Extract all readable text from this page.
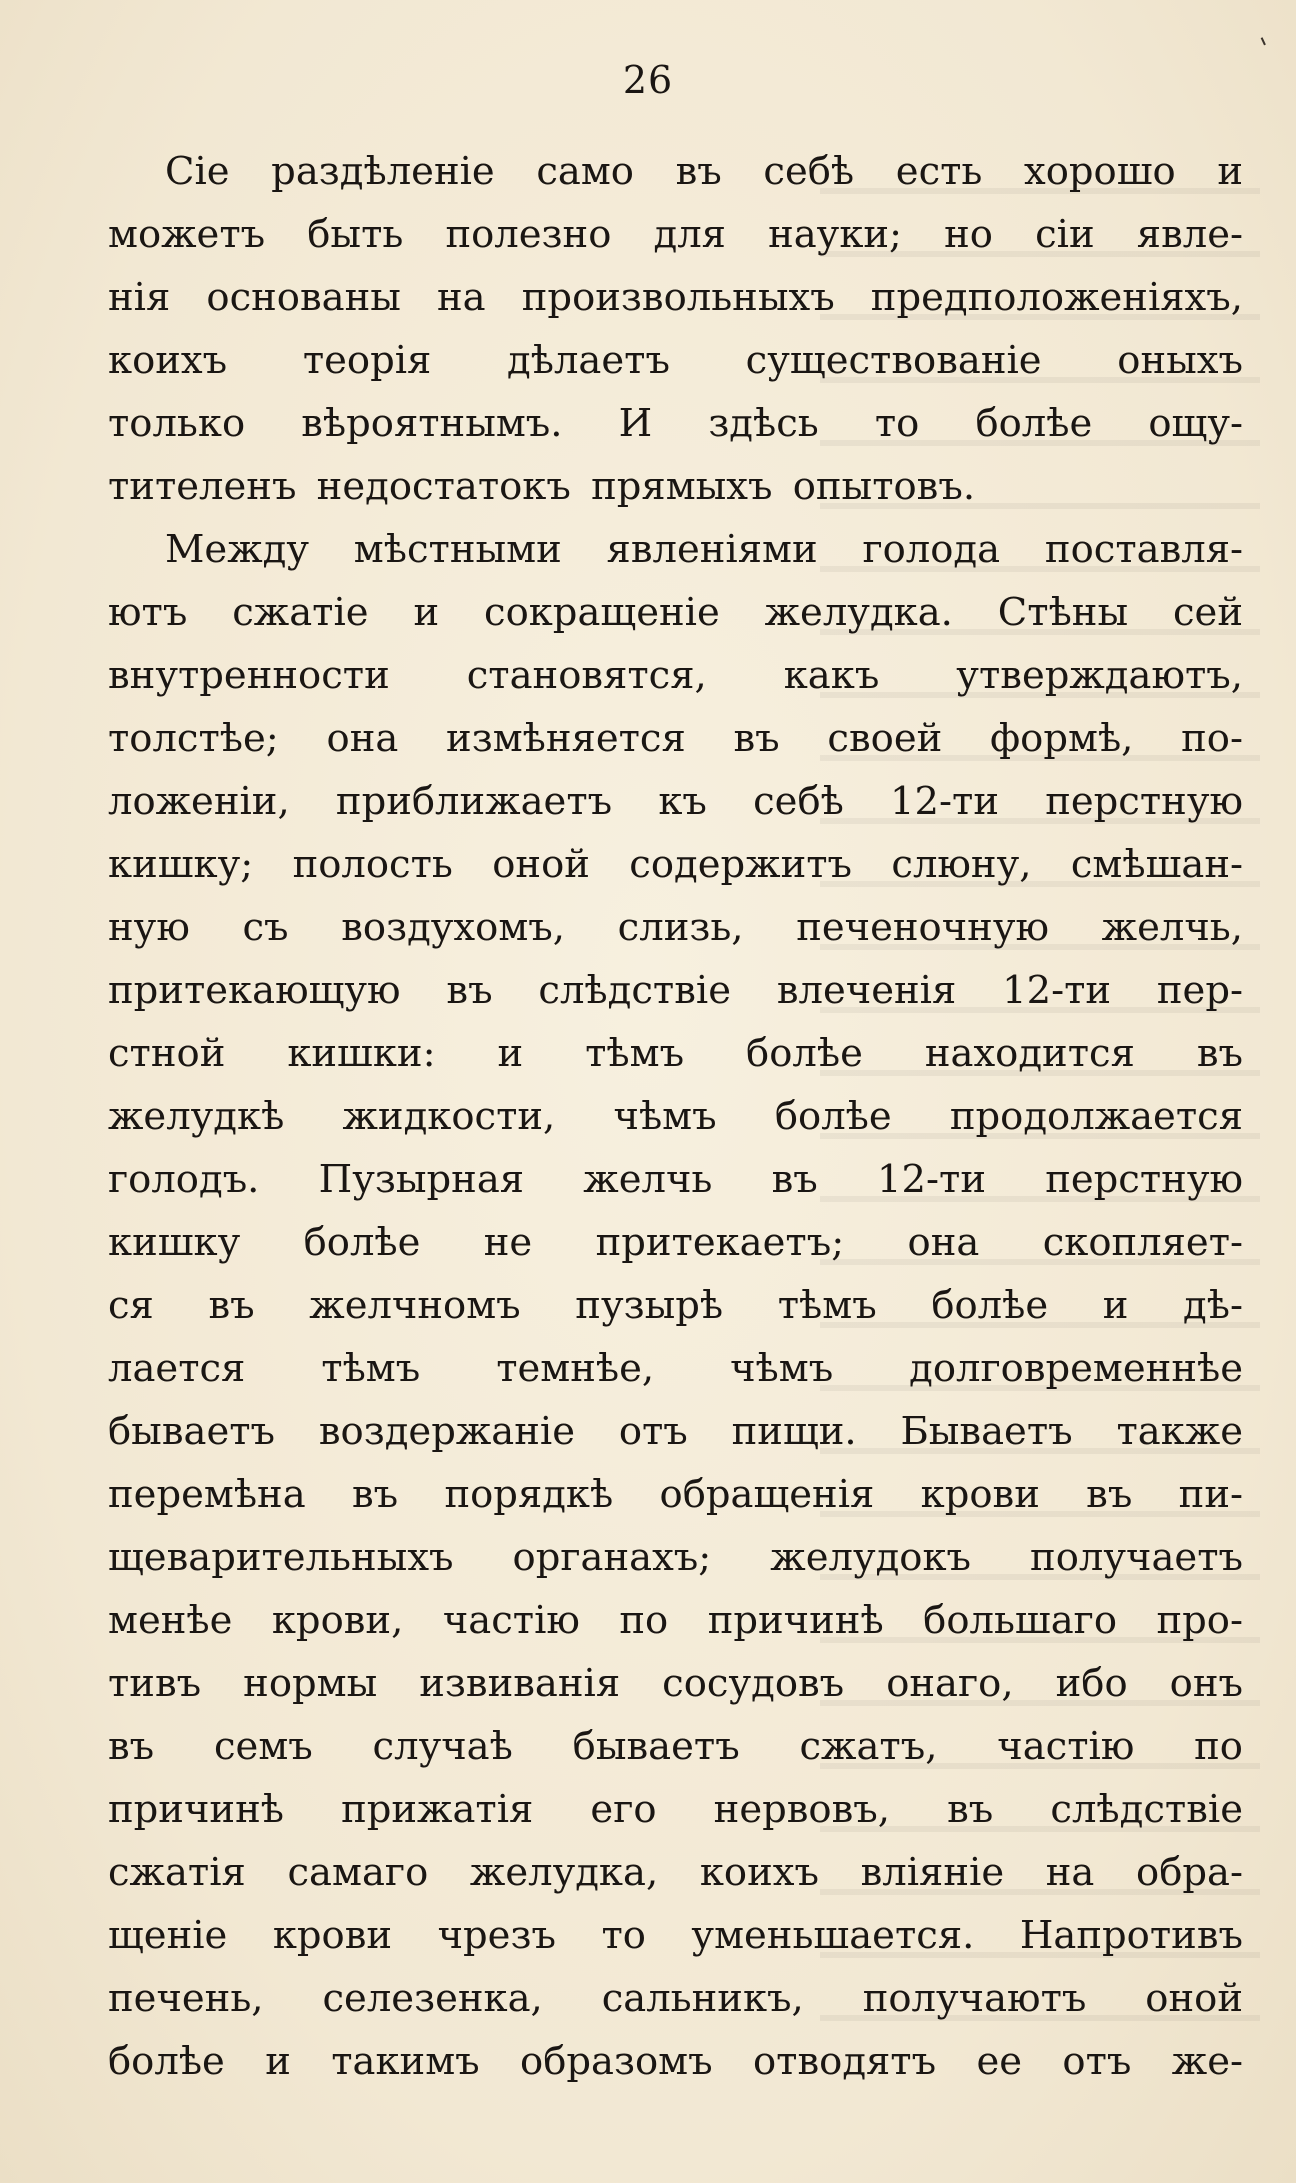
26
Сіе раздѣленіе само въ себѣ есть хорошо и
можетъ быть полезно для науки; но сіи явле-
нія основаны на произвольныхъ предположеніяхъ,
коихъ теорія дѣлаетъ существованіе оныхъ
только вѣроятнымъ. И здѣсь то болѣе ощу-
тителенъ недостатокъ прямыхъ опытовъ.
Между мѣстными явленіями голода поставля-
ютъ сжатіе и сокращеніе желудка. Стѣны сей
внутренности становятся, какъ утверждаютъ,
толстѣе; она измѣняется въ своей формѣ, по-
ложеніи, приближаетъ къ себѣ 12-ти перстную
кишку; полость оной содержитъ слюну, смѣшан-
ную съ воздухомъ, слизь, печеночную желчь,
притекающую въ слѣдствіе влеченія 12-ти пер-
стной кишки: и тѣмъ болѣе находится въ
желудкѣ жидкости, чѣмъ болѣе продолжается
голодъ. Пузырная желчь въ 12-ти перстную
кишку болѣе не притекаетъ; она скопляет-
ся въ желчномъ пузырѣ тѣмъ болѣе и дѣ-
лается тѣмъ темнѣе, чѣмъ долговременнѣе
бываетъ воздержаніе отъ пищи. Бываетъ также
перемѣна въ порядкѣ обращенія крови въ пи-
щеварительныхъ органахъ; желудокъ получаетъ
менѣе крови, частію по причинѣ большаго про-
тивъ нормы извиванія сосудовъ онаго, ибо онъ
въ семъ случаѣ бываетъ сжатъ, частію по
причинѣ прижатія его нервовъ, въ слѣдствіе
сжатія самаго желудка, коихъ вліяніе на обра-
щеніе крови чрезъ то уменьшается. Напротивъ
печень, селезенка, сальникъ, получаютъ оной
болѣе и такимъ образомъ отводятъ ее отъ же-
